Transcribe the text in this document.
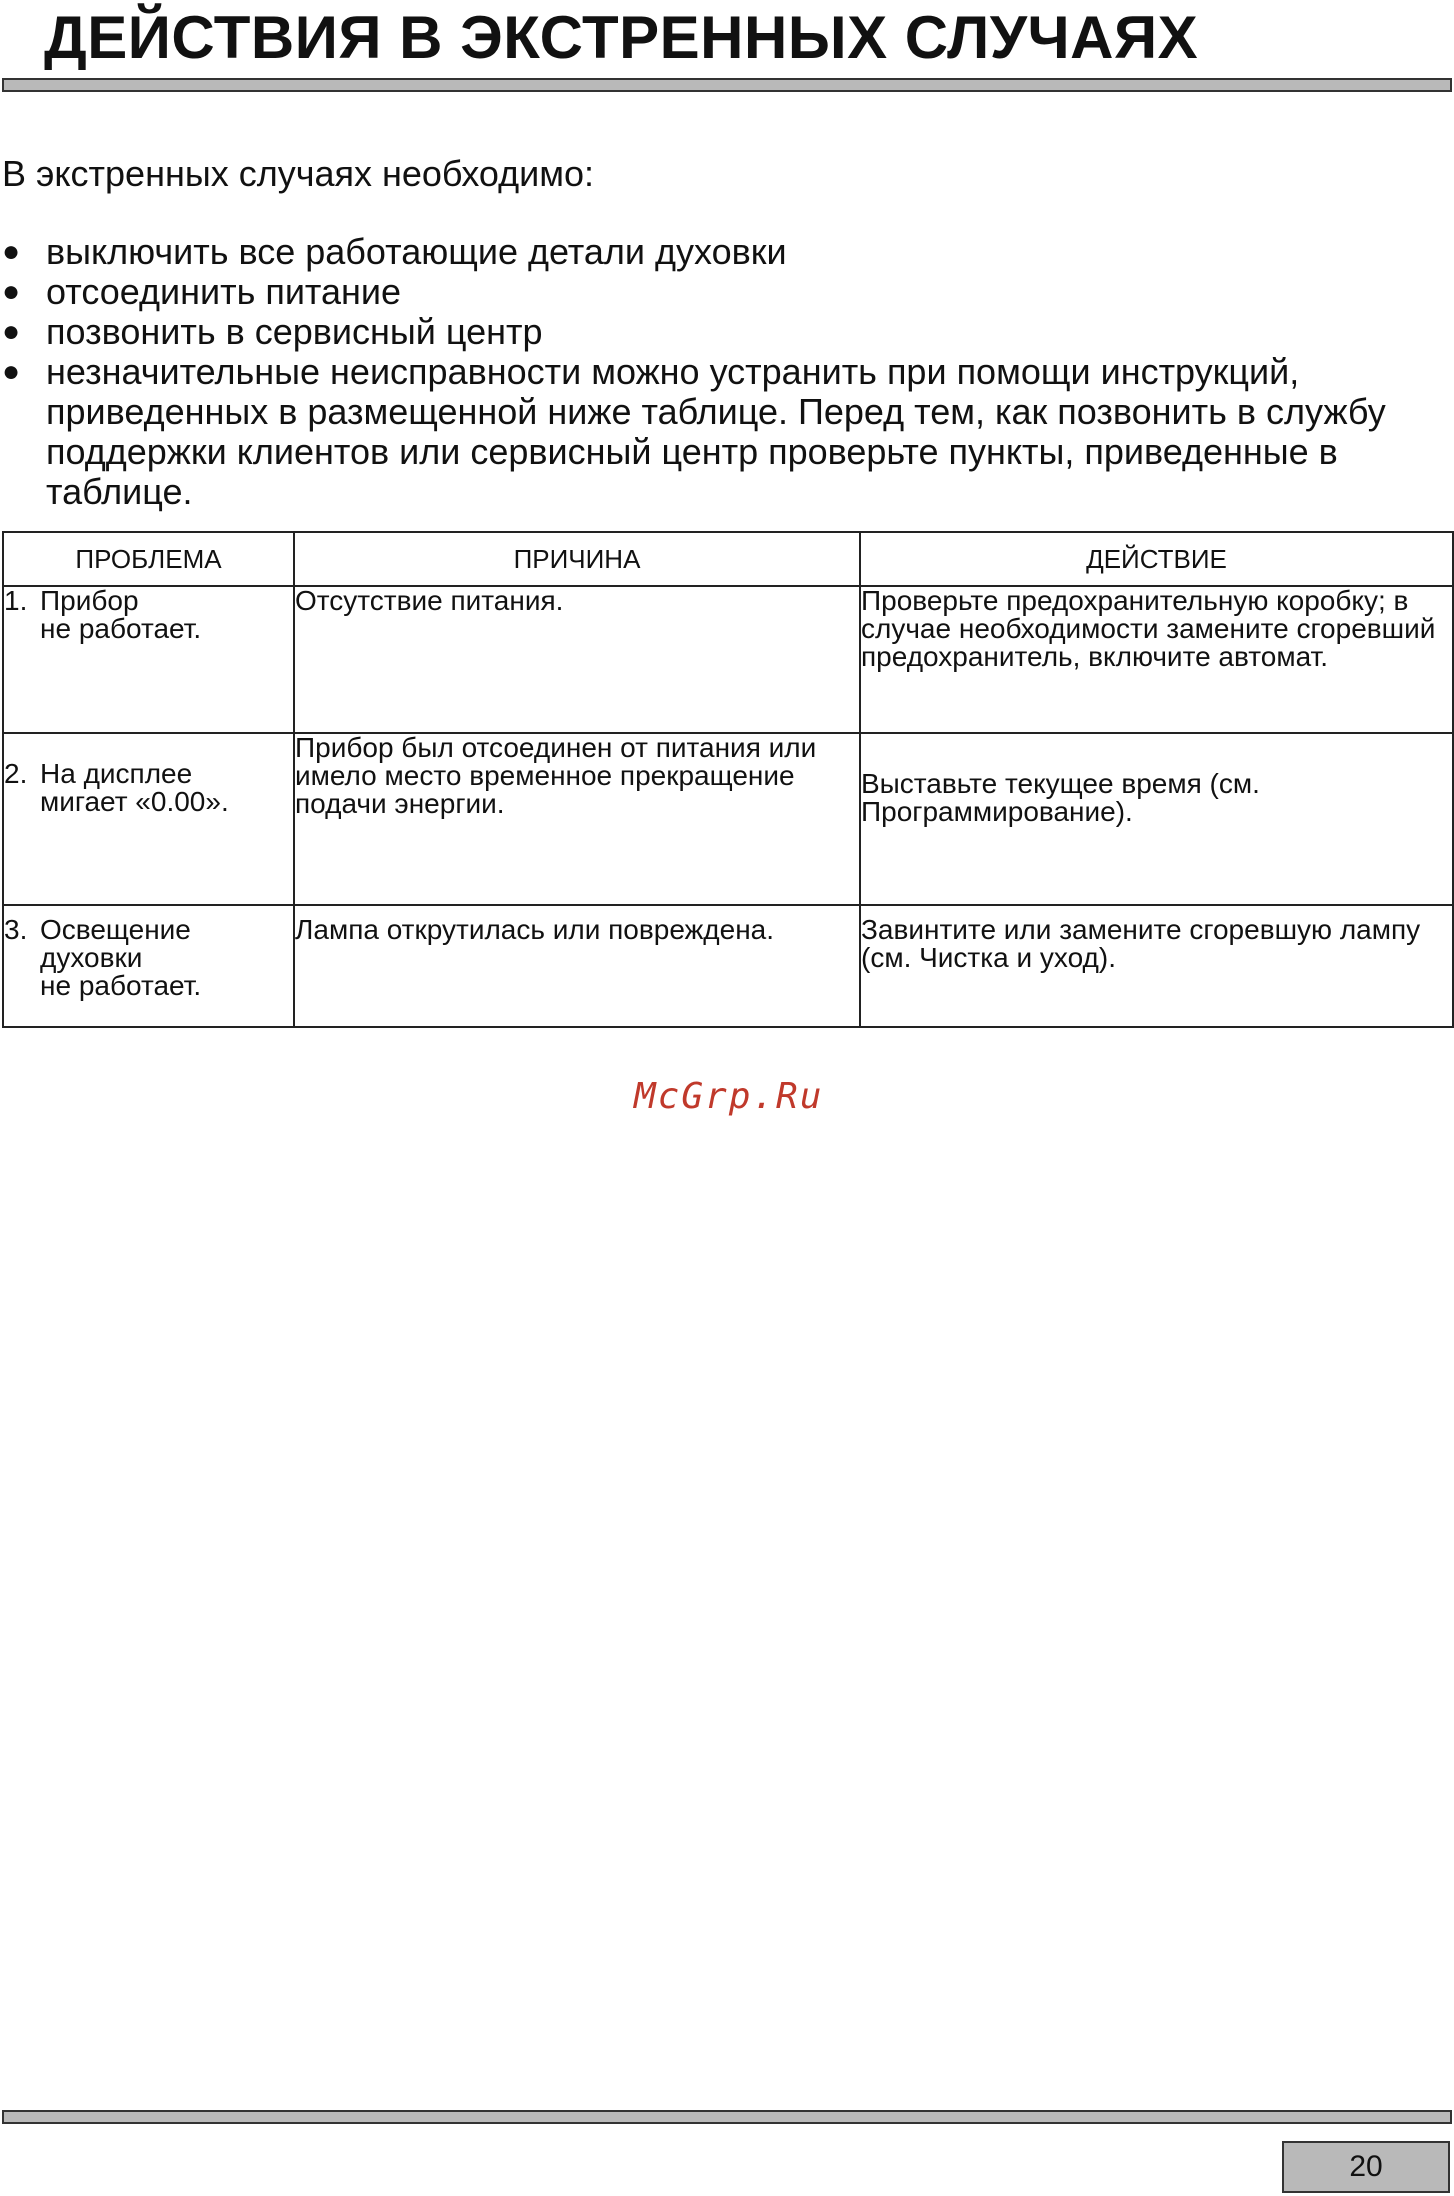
ДЕЙСТВИЯ В ЭКСТРЕННЫХ СЛУЧАЯХ

В экстренных случаях необходимо:

● выключить все работающие детали духовки
● отсоединить питание
● позвонить в сервисный центр
● незначительные неисправности можно устранить при помощи инструкций, приведенных в размещенной ниже таблице. Перед тем, как позвонить в службу поддержки клиентов или сервисный центр проверьте пункты, приведенные в таблице.
ПРОБЛЕМА	ПРИЧИНА	ДЕЙСТВИЕ

1. Прибор
не работает.	Отсутствие питания.	Проверьте предохранительную коробку; в случае необходимости замените сгоревший предохранитель, включите автомат.

2. На дисплее
мигает «0.00».	Прибор был отсоединен от питания или имело место временное прекращение подачи энергии.	Выставьте текущее время (см. Программирование).

3. Освещение
духовки
не работает.	Лампа открутилась или повреждена.	Завинтите или замените сгоревшую лампу (см. Чистка и уход).
McGrp.Ru
20
